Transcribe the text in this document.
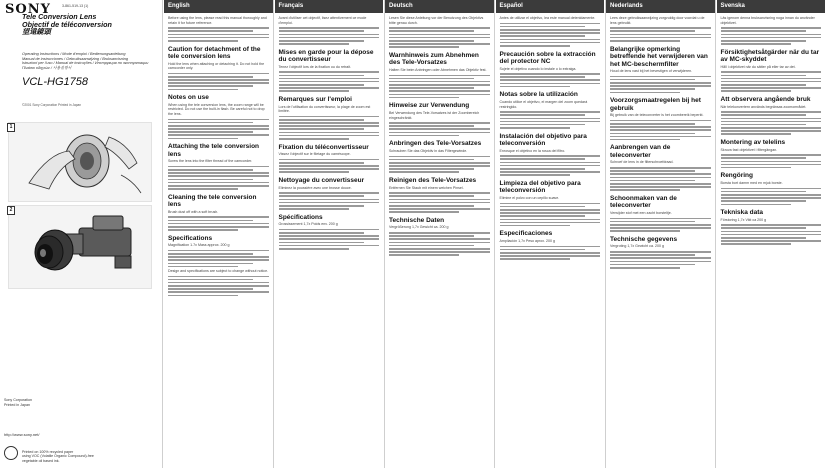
SONY	3-861-519-13 (1)
Tele Conversion Lens
Objectif de téléconversion
望遠鏡頭
Operating Instructions / Mode d'emploi / Bedienungsanleitung
Manual de instrucciones / Gebruiksaanwijzing / Bruksanvisning
Istruzioni per l'uso / Manual de instruções / Инструкция по эксплуатации
Πλαίσιο οδηγιών / 사용설명서
VCL-HG1758
©2001 Sony Corporation Printed in Japan
1
2
Sony Corporation
Printed in Japan
http://www.sony.net/
Printed on 100% recycled paper
using VOC (Volatile Organic Compound)-free
vegetable oil based ink.
English
Before using the lens, please read this manual thoroughly and retain it for future reference.
Caution for detachment of the tele conversion lens
Hold the lens when attaching or detaching it. Do not hold the camcorder only.
Notes on use
When using the tele conversion lens, the zoom range will be restricted. Do not use the built-in flash. Be careful not to drop the lens.
Attaching the tele conversion lens
Screw the lens into the filter thread of the camcorder.
Cleaning the tele conversion lens
Brush dust off with a soft brush.
Specifications
Magnification 1.7x Mass approx. 200 g
Design and specifications are subject to change without notice.
Français
Avant d'utiliser cet objectif, lisez attentivement ce mode d'emploi.
Mises en garde pour la dépose du convertisseur
Tenez l'objectif lors de la fixation ou du retrait.
Remarques sur l'emploi
Lors de l'utilisation du convertisseur, la plage de zoom est limitée.
Fixation du téléconvertisseur
Vissez l'objectif sur le filetage du caméscope.
Nettoyage du convertisseur
Eliminez la poussière avec une brosse douce.
Spécifications
Grossissement 1,7x Poids env. 200 g
Deutsch
Lesen Sie diese Anleitung vor der Benutzung des Objektivs bitte genau durch.
Warnhinweis zum Abnehmen des Tele-Vorsatzes
Halten Sie beim Anbringen oder Abnehmen das Objektiv fest.
Hinweise zur Verwendung
Bei Verwendung des Tele-Vorsatzes ist der Zoombereich eingeschränkt.
Anbringen des Tele-Vorsatzes
Schrauben Sie das Objektiv in das Filtergewinde.
Reinigen des Tele-Vorsatzes
Entfernen Sie Staub mit einem weichen Pinsel.
Technische Daten
Vergrößerung 1,7x Gewicht ca. 200 g
Español
Antes de utilizar el objetivo, lea este manual detenidamente.
Precaución sobre la extracción del protector NC
Sujete el objetivo cuando lo instale o lo extraiga.
Notas sobre la utilización
Cuando utilice el objetivo, el margen del zoom quedará restringido.
Instalación del objetivo para teleconversión
Enrosque el objetivo en la rosca del filtro.
Limpieza del objetivo para teleconversión
Elimine el polvo con un cepillo suave.
Especificaciones
Ampliación 1,7x Peso aprox. 200 g
Nederlands
Lees deze gebruiksaanwijzing zorgvuldig door voordat u de lens gebruikt.
Belangrijke opmerking betreffende het verwijderen van het MC-beschermfilter
Houd de lens vast bij het bevestigen of verwijderen.
Voorzorgsmaatregelen bij het gebruik
Bij gebruik van de teleconverter is het zoombereik beperkt.
Aanbrengen van de teleconverter
Schroef de lens in de filterschroefdraad.
Schoonmaken van de teleconverter
Verwijder stof met een zacht borsteltje.
Technische gegevens
Vergroting 1,7x Gewicht ca. 200 g
Svenska
Läs igenom denna bruksanvisning noga innan du använder objektivet.
Försiktighetsåtgärder när du tar av MC-skyddet
Håll i objektivet när du sätter på eller tar av det.
Att observera angående bruk
När telekonvertern används begränsas zoomområdet.
Montering av telelins
Skruva fast objektivet i filtergängan.
Rengöring
Borsta bort damm med en mjuk borste.
Tekniska data
Förstoring 1,7x Vikt ca 200 g
